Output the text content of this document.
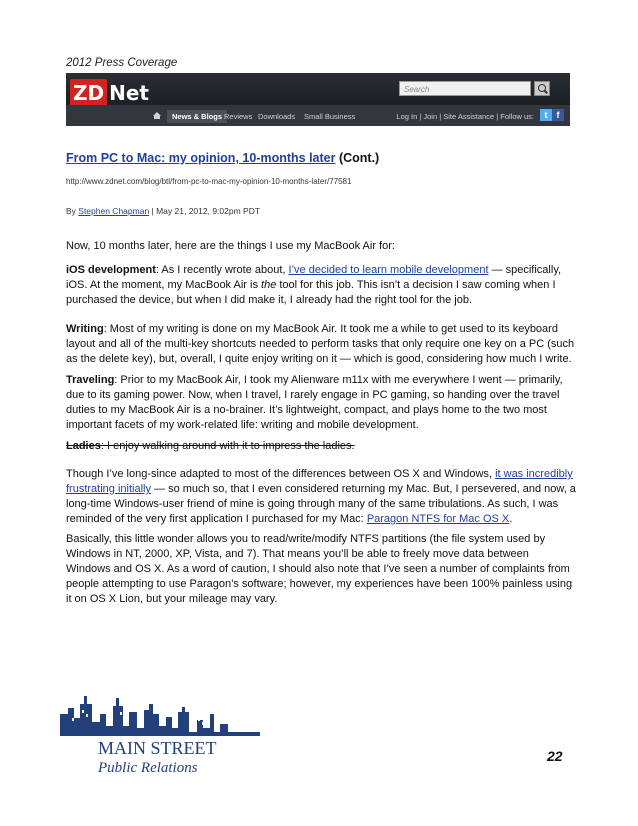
2012 Press Coverage
ZD Net	Search
News & Blogs Reviews Downloads Small Business	Log In | Join | Site Assistance | Follow us:	t	f
From PC to Mac: my opinion, 10-months later (Cont.)
http://www.zdnet.com/blog/btl/from-pc-to-mac-my-opinion-10-months-later/77581
By Stephen Chapman | May 21, 2012, 9:02pm PDT
Now, 10 months later, here are the things I use my MacBook Air for:
iOS development: As I recently wrote about, I’ve decided to learn mobile development — specifically, iOS. At the moment, my MacBook Air is the tool for this job. This isn’t a decision I saw coming when I purchased the device, but when I did make it, I already had the right tool for the job.
Writing: Most of my writing is done on my MacBook Air. It took me a while to get used to its keyboard layout and all of the multi-key shortcuts needed to perform tasks that only require one key on a PC (such as the delete key), but, overall, I quite enjoy writing on it — which is good, considering how much I write.
Traveling: Prior to my MacBook Air, I took my Alienware m11x with me everywhere I went — primarily, due to its gaming power. Now, when I travel, I rarely engage in PC gaming, so handing over the travel duties to my MacBook Air is a no-brainer. It’s lightweight, compact, and plays home to the two most important facets of my work-related life: writing and mobile development.
Ladies: I enjoy walking around with it to impress the ladies.
Though I’ve long-since adapted to most of the differences between OS X and Windows, it was incredibly frustrating initially — so much so, that I even considered returning my Mac. But, I persevered, and now, a long-time Windows-user friend of mine is going through many of the same tribulations. As such, I was reminded of the very first application I purchased for my Mac: Paragon NTFS for Mac OS X.
Basically, this little wonder allows you to read/write/modify NTFS partitions (the file system used by Windows in NT, 2000, XP, Vista, and 7). That means you’ll be able to freely move data between Windows and OS X. As a word of caution, I should also note that I’ve seen a number of complaints from people attempting to use Paragon’s software; however, my experiences have been 100% painless using it on OS X Lion, but your mileage may vary.
MAIN STREET
Public Relations
22
